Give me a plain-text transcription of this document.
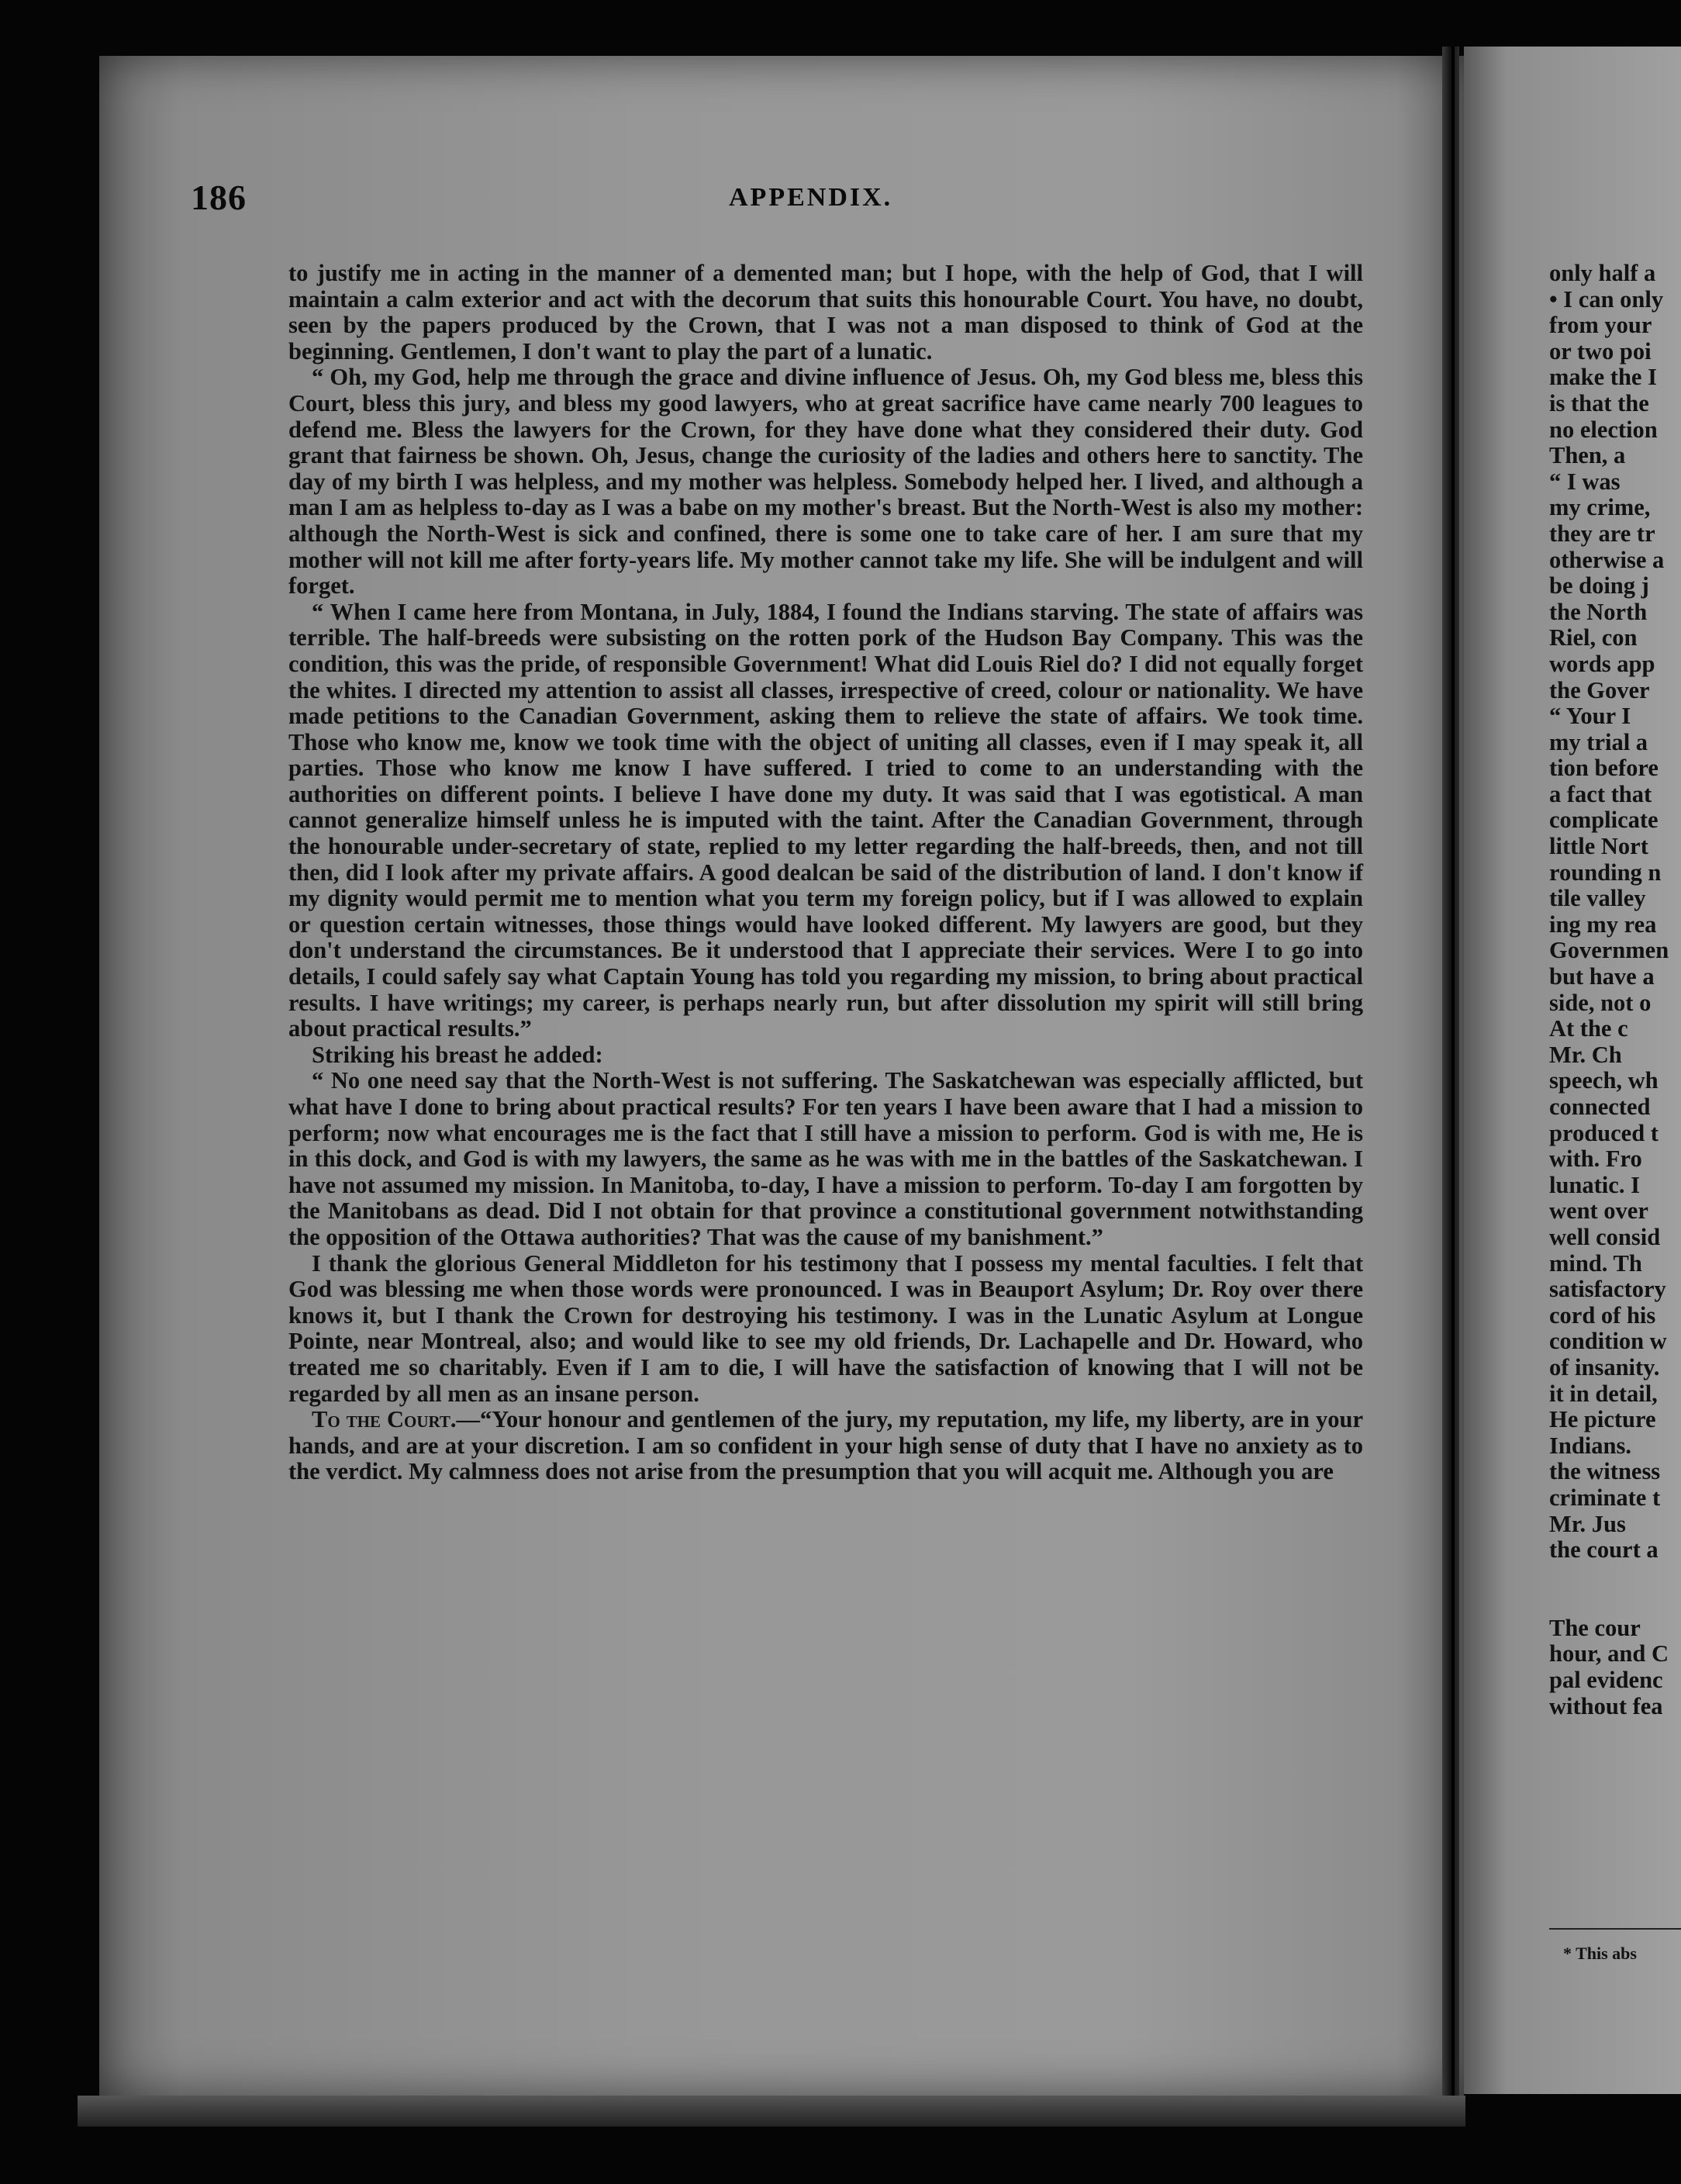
186	APPENDIX.

to justify me in acting in the manner of a demented man; but I hope, with the help of God, that I will maintain a calm exterior and act with the decorum that suits this honourable Court. You have, no doubt, seen by the papers produced by the Crown, that I was not a man disposed to think of God at the beginning. Gentlemen, I don't want to play the part of a lunatic.

“ Oh, my God, help me through the grace and divine influence of Jesus. Oh, my God bless me, bless this Court, bless this jury, and bless my good lawyers, who at great sacrifice have came nearly 700 leagues to defend me. Bless the lawyers for the Crown, for they have done what they considered their duty. God grant that fairness be shown. Oh, Jesus, change the curiosity of the ladies and others here to sanctity. The day of my birth I was helpless, and my mother was helpless. Somebody helped her. I lived, and although a man I am as helpless to-day as I was a babe on my mother's breast. But the North-West is also my mother: although the North-West is sick and confined, there is some one to take care of her. I am sure that my mother will not kill me after forty-years life. My mother cannot take my life. She will be indulgent and will forget.

“ When I came here from Montana, in July, 1884, I found the Indians starving. The state of affairs was terrible. The half-breeds were subsisting on the rotten pork of the Hudson Bay Company. This was the condition, this was the pride, of responsible Government! What did Louis Riel do? I did not equally forget the whites. I directed my attention to assist all classes, irrespective of creed, colour or nationality. We have made petitions to the Canadian Government, asking them to relieve the state of affairs. We took time. Those who know me, know we took time with the object of uniting all classes, even if I may speak it, all parties. Those who know me know I have suffered. I tried to come to an understanding with the authorities on different points. I believe I have done my duty. It was said that I was egotistical. A man cannot generalize himself unless he is imputed with the taint. After the Canadian Government, through the honourable under-secretary of state, replied to my letter regarding the half-breeds, then, and not till then, did I look after my private affairs. A good dealcan be said of the distribution of land. I don't know if my dignity would permit me to mention what you term my foreign policy, but if I was allowed to explain or question certain witnesses, those things would have looked different. My lawyers are good, but they don't understand the circumstances. Be it understood that I appreciate their services. Were I to go into details, I could safely say what Captain Young has told you regarding my mission, to bring about practical results. I have writings; my career, is perhaps nearly run, but after dissolution my spirit will still bring about practical results.”

Striking his breast he added:

“ No one need say that the North-West is not suffering. The Saskatchewan was especially afflicted, but what have I done to bring about practical results? For ten years I have been aware that I had a mission to perform; now what encourages me is the fact that I still have a mission to perform. God is with me, He is in this dock, and God is with my lawyers, the same as he was with me in the battles of the Saskatchewan. I have not assumed my mission. In Manitoba, to-day, I have a mission to perform. To-day I am forgotten by the Manitobans as dead. Did I not obtain for that province a constitutional government notwithstanding the opposition of the Ottawa authorities? That was the cause of my banishment.”

I thank the glorious General Middleton for his testimony that I possess my mental faculties. I felt that God was blessing me when those words were pronounced. I was in Beauport Asylum; Dr. Roy over there knows it, but I thank the Crown for destroying his testimony. I was in the Lunatic Asylum at Longue Pointe, near Montreal, also; and would like to see my old friends, Dr. Lachapelle and Dr. Howard, who treated me so charitably. Even if I am to die, I will have the satisfaction of knowing that I will not be regarded by all men as an insane person.

To the Court.—“Your honour and gentlemen of the jury, my reputation, my life, my liberty, are in your hands, and are at your discretion. I am so confident in your high sense of duty that I have no anxiety as to the verdict. My calmness does not arise from the presumption that you will acquit me. Although you are

only half a
• I can only
from your
or two poi
make the I
is that the
no election
Then, a
“ I was
my crime,
they are tr
otherwise a
be doing j
the North
Riel, con
words app
the Gover
“ Your I
my trial a
tion before
a fact that
complicate
little Nort
rounding n
tile valley
ing my rea
Governmen
but have a
side, not o
At the c
Mr. Ch
speech, wh
connected
produced t
with. Fro
lunatic. I
went over
well consid
mind. Th
satisfactory
cord of his
condition w
of insanity.
it in detail,
He picture
Indians.
the witness
criminate t
Mr. Jus
the court a
The cour
hour, and C
pal evidenc
without fea
* This abs
